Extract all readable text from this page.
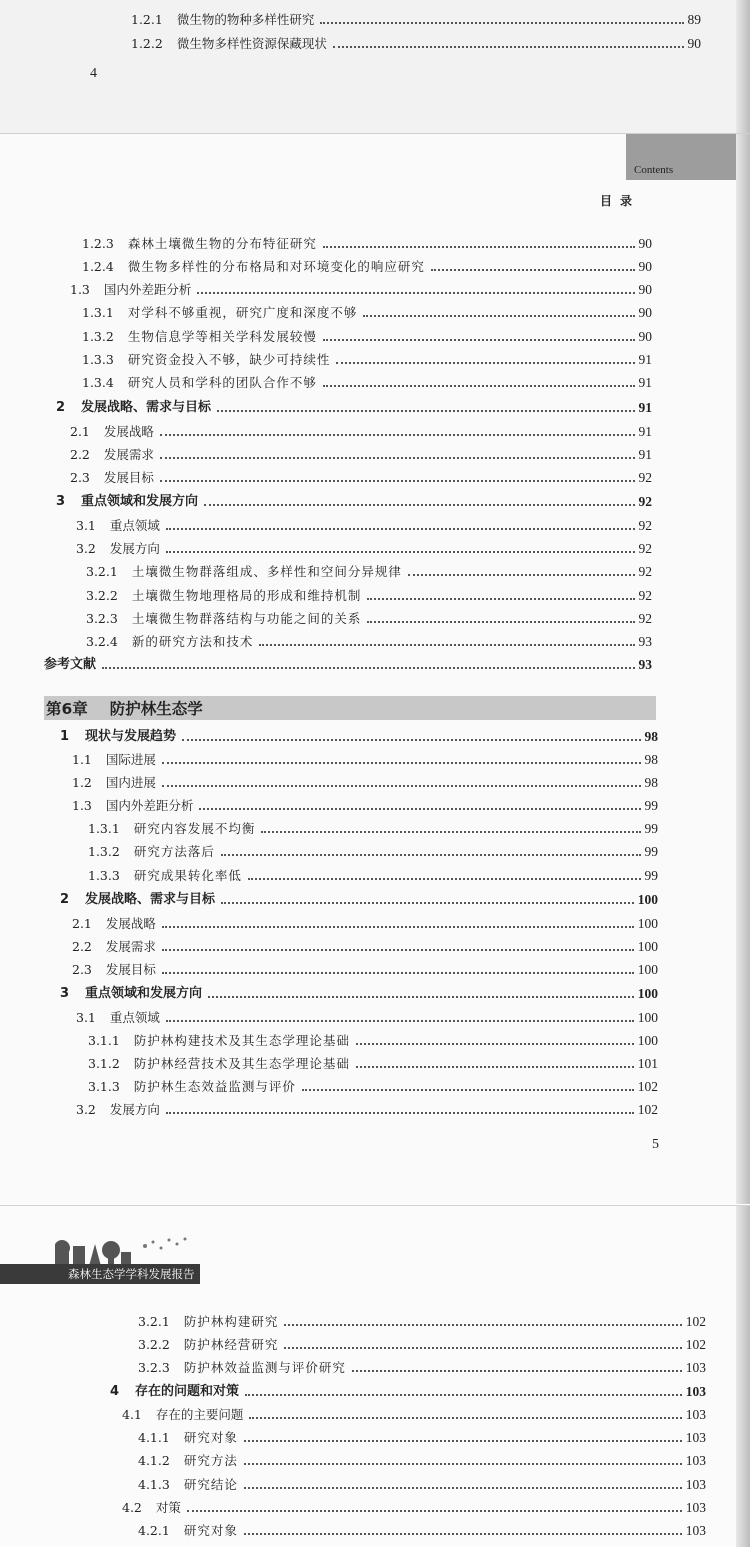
1.2.1 微生物的物种多样性研究	89
1.2.2 微生物多样性资源保藏现状	90
4
Contents
目录
1.2.3 森林土壤微生物的分布特征研究	90
1.2.4 微生物多样性的分布格局和对环境变化的响应研究	90
1.3 国内外差距分析	90
1.3.1 对学科不够重视，研究广度和深度不够	90
1.3.2 生物信息学等相关学科发展较慢	90
1.3.3 研究资金投入不够，缺少可持续性	91
1.3.4 研究人员和学科的团队合作不够	91
2 发展战略、需求与目标	91
2.1 发展战略	91
2.2 发展需求	91
2.3 发展目标	92
3 重点领域和发展方向	92
3.1 重点领域	92
3.2 发展方向	92
3.2.1 土壤微生物群落组成、多样性和空间分异规律	92
3.2.2 土壤微生物地理格局的形成和维持机制	92
3.2.3 土壤微生物群落结构与功能之间的关系	92
3.2.4 新的研究方法和技术	93
参考文献	93
1 现状与发展趋势	98
1.1 国际进展	98
1.2 国内进展	98
1.3 国内外差距分析	99
1.3.1 研究内容发展不均衡	99
1.3.2 研究方法落后	99
1.3.3 研究成果转化率低	99
2 发展战略、需求与目标	100
2.1 发展战略	100
2.2 发展需求	100
2.3 发展目标	100
3 重点领域和发展方向	100
3.1 重点领域	100
3.1.1 防护林构建技术及其生态学理论基础	100
3.1.2 防护林经营技术及其生态学理论基础	101
3.1.3 防护林生态效益监测与评价	102
3.2 发展方向	102
第6章 防护林生态学
5
森林生态学学科发展报告
3.2.1 防护林构建研究	102
3.2.2 防护林经营研究	102
3.2.3 防护林效益监测与评价研究	103
4 存在的问题和对策	103
4.1 存在的主要问题	103
4.1.1 研究对象	103
4.1.2 研究方法	103
4.1.3 研究结论	103
4.2 对策	103
4.2.1 研究对象	103
